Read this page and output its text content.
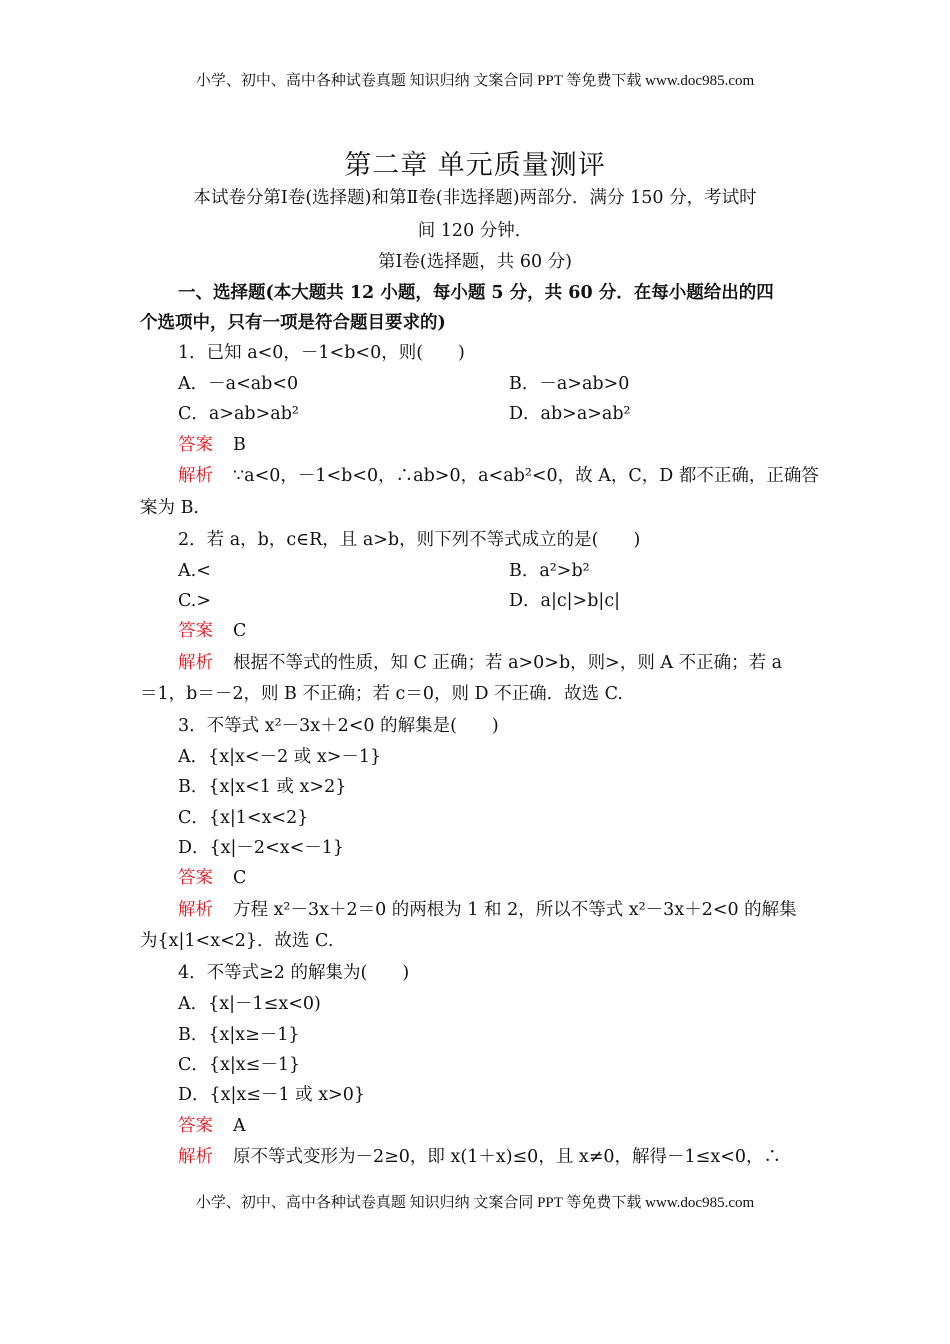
小学、初中、高中各种试卷真题 知识归纳 文案合同 PPT 等免费下载 www.doc985.com
第二章 单元质量测评
本试卷分第Ⅰ卷(选择题)和第Ⅱ卷(非选择题)两部分．满分 150 分，考试时
间 120 分钟．
第Ⅰ卷(选择题，共 60 分)
一、选择题(本大题共 12 小题，每小题 5 分，共 60 分．在每小题给出的四
个选项中，只有一项是符合题目要求的)
1．已知 a<0，－1<b<0，则(　　)
A．－a<ab<0	B．－a>ab>0
C．a>ab>ab²	D．ab>a>ab²
答案 B
解析 ∵a<0，－1<b<0，∴ab>0，a<ab²<0，故 A，C，D 都不正确，正确答
案为 B.
2．若 a，b，c∈R，且 a>b，则下列不等式成立的是(　　)
A.<	B．a²>b²
C.>	D．a|c|>b|c|
答案 C
解析 根据不等式的性质，知 C 正确；若 a>0>b，则>，则 A 不正确；若 a
＝1，b＝－2，则 B 不正确；若 c＝0，则 D 不正确．故选 C.
3．不等式 x²－3x＋2<0 的解集是(　　)
A．{x|x<－2 或 x>－1}
B．{x|x<1 或 x>2}
C．{x|1<x<2}
D．{x|－2<x<－1}
答案 C
解析 方程 x²－3x＋2＝0 的两根为 1 和 2，所以不等式 x²－3x＋2<0 的解集
为{x|1<x<2}．故选 C.
4．不等式≥2 的解集为(　　)
A．{x|－1≤x<0)
B．{x|x≥－1}
C．{x|x≤－1}
D．{x|x≤－1 或 x>0}
答案 A
解析 原不等式变形为－2≥0，即 x(1＋x)≤0，且 x≠0，解得－1≤x<0，∴
小学、初中、高中各种试卷真题 知识归纳 文案合同 PPT 等免费下载 www.doc985.com
